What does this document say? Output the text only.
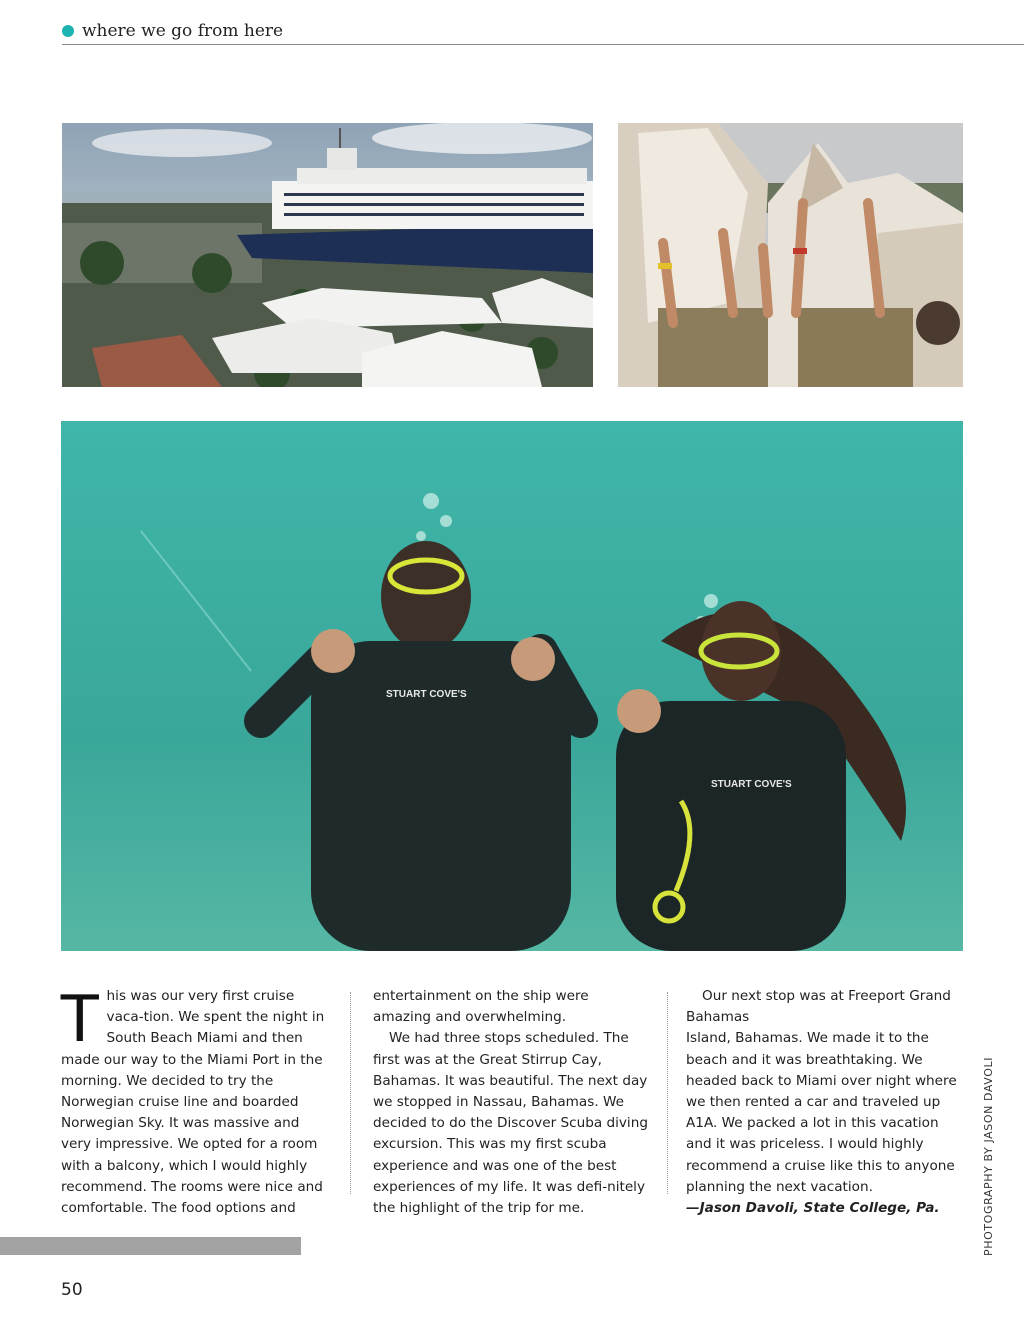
where we go from here
STUART COVE'S
STUART COVE'S

This was our very first cruise vaca-tion. We spent the night in South Beach Miami and then made our way to the Miami Port in the morning. We decided to try the Norwegian cruise line and boarded Norwegian Sky. It was massive and very impressive. We opted for a room with a balcony, which I would highly recommend. The rooms were nice and comfortable. The food options and

entertainment on the ship were amazing and overwhelming.

We had three stops scheduled. The first was at the Great Stirrup Cay, Bahamas. It was beautiful. The next day we stopped in Nassau, Bahamas. We decided to do the Discover Scuba diving excursion. This was my first scuba experience and was one of the best experiences of my life. It was defi-nitely the highlight of the trip for me.

Our next stop was at Freeport Grand Bahamas

Island, Bahamas. We made it to the beach and it was breathtaking. We headed back to Miami over night where we then rented a car and traveled up A1A. We packed a lot in this vacation and it was priceless. I would highly recommend a cruise like this to anyone planning the next vacation.

—Jason Davoli, State College, Pa.	PHOTOGRAPHY BY JASON DAVOLI
50
